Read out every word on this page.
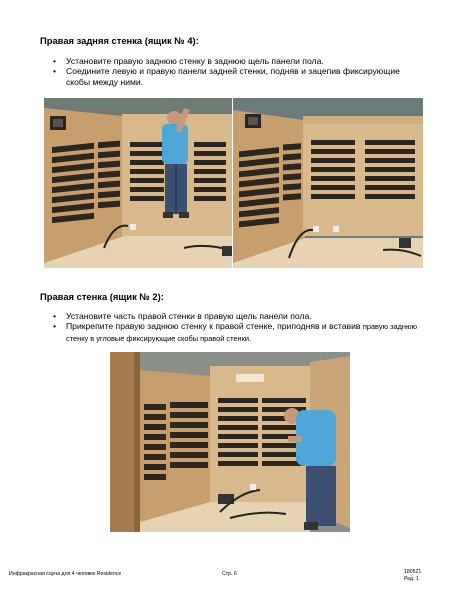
Правая задняя стенка (ящик № 4):
• Установите правую заднюю стенку в заднюю щель панели пола.
• Соедините левую и правую панели задней стенки, подняв и зацепив фиксирующие скобы между ними.
Правая стенка (ящик № 2):
• Установите часть правой стенки в правую щель панели пола.
• Прикрепите правую заднюю стенку к правой стенке, приподняв и вставив правую заднюю
стенку в угловые фиксирующие скобы правой стенки.
Инфракрасная сауна для 4 человек Residence	Стр. 6	180521
Ред. 1
